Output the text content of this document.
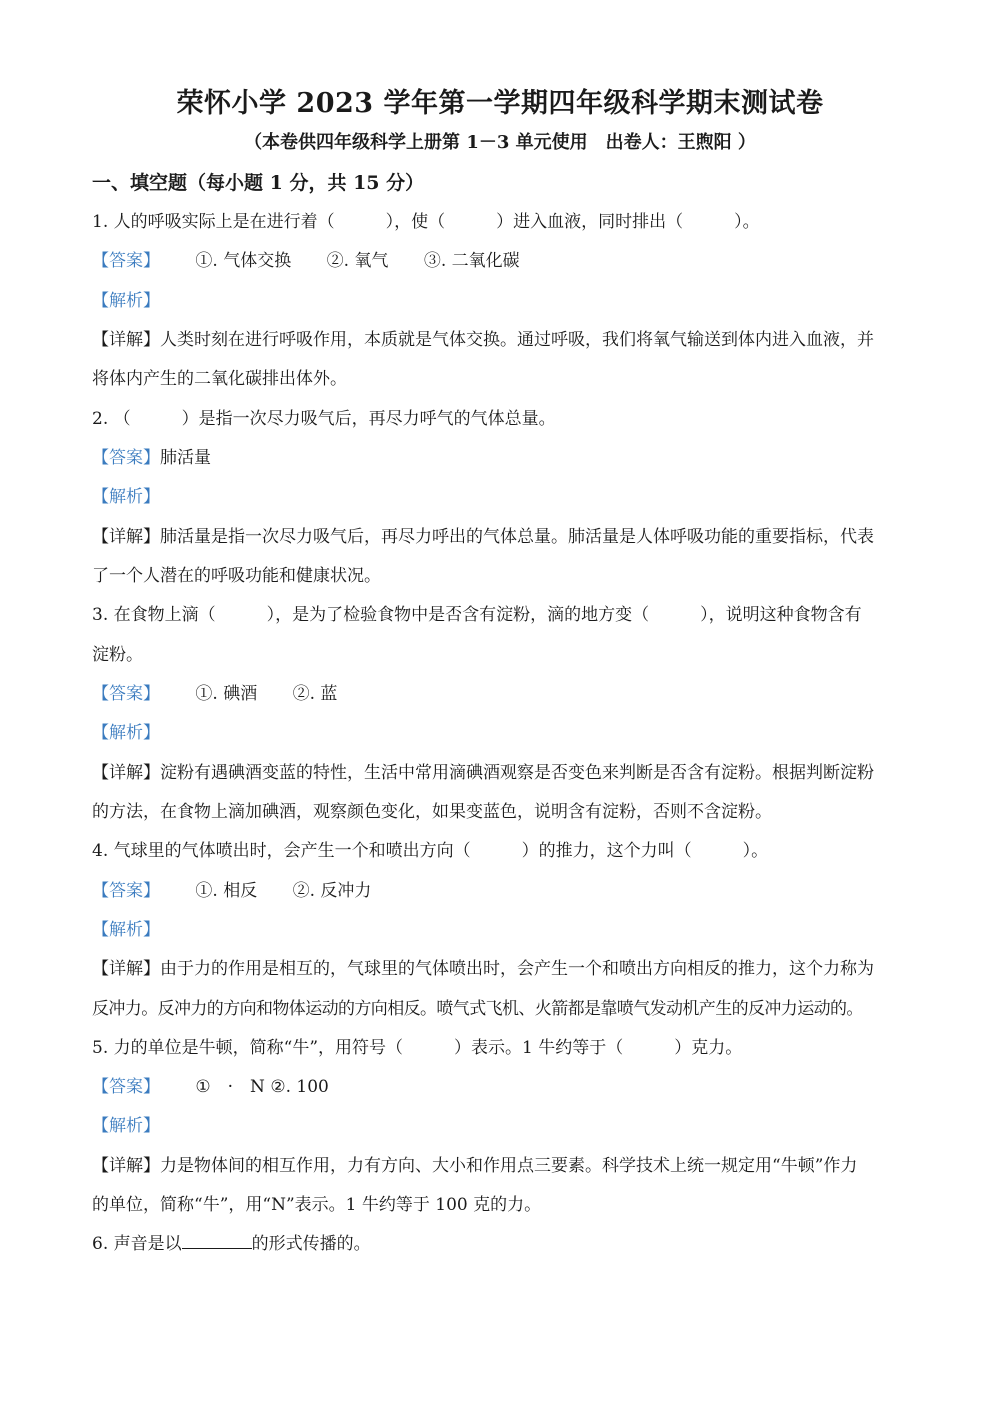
荣怀小学 2023 学年第一学期四年级科学期末测试卷
（本卷供四年级科学上册第 1－3 单元使用　出卷人：王煦阳 ）
一、填空题（每小题 1 分，共 15 分）
1. 人的呼吸实际上是在进行着（　　　），使（　　　）进入血液，同时排出（　　　）。
【答案】 ①. 气体交换 ②. 氧气 ③. 二氧化碳
【解析】
【详解】人类时刻在进行呼吸作用，本质就是气体交换。通过呼吸，我们将氧气输送到体内进入血液，并
将体内产生的二氧化碳排出体外。
2. （　　　）是指一次尽力吸气后，再尽力呼气的气体总量。
【答案】肺活量
【解析】
【详解】肺活量是指一次尽力吸气后，再尽力呼出的气体总量。肺活量是人体呼吸功能的重要指标，代表
了一个人潜在的呼吸功能和健康状况。
3. 在食物上滴（　　　），是为了检验食物中是否含有淀粉，滴的地方变（　　　），说明这种食物含有
淀粉。
【答案】 ①. 碘酒 ②. 蓝
【解析】
【详解】淀粉有遇碘酒变蓝的特性，生活中常用滴碘酒观察是否变色来判断是否含有淀粉。根据判断淀粉
的方法，在食物上滴加碘酒，观察颜色变化，如果变蓝色，说明含有淀粉，否则不含淀粉。
4. 气球里的气体喷出时，会产生一个和喷出方向（　　　）的推力，这个力叫（　　　）。
【答案】 ①. 相反 ②. 反冲力
【解析】
【详解】由于力的作用是相互的，气球里的气体喷出时，会产生一个和喷出方向相反的推力，这个力称为
反冲力。反冲力的方向和物体运动的方向相反。喷气式飞机、火箭都是靠喷气发动机产生的反冲力运动的。
5. 力的单位是牛顿，简称“牛”，用符号（　　　）表示。1 牛约等于（　　　）克力。
【答案】 ①　·　N ②. 100
【解析】
【详解】力是物体间的相互作用，力有方向、大小和作用点三要素。科学技术上统一规定用“牛顿”作力
的单位，简称“牛”，用“N”表示。1 牛约等于 100 克的力。
6. 声音是以	的形式传播的。
